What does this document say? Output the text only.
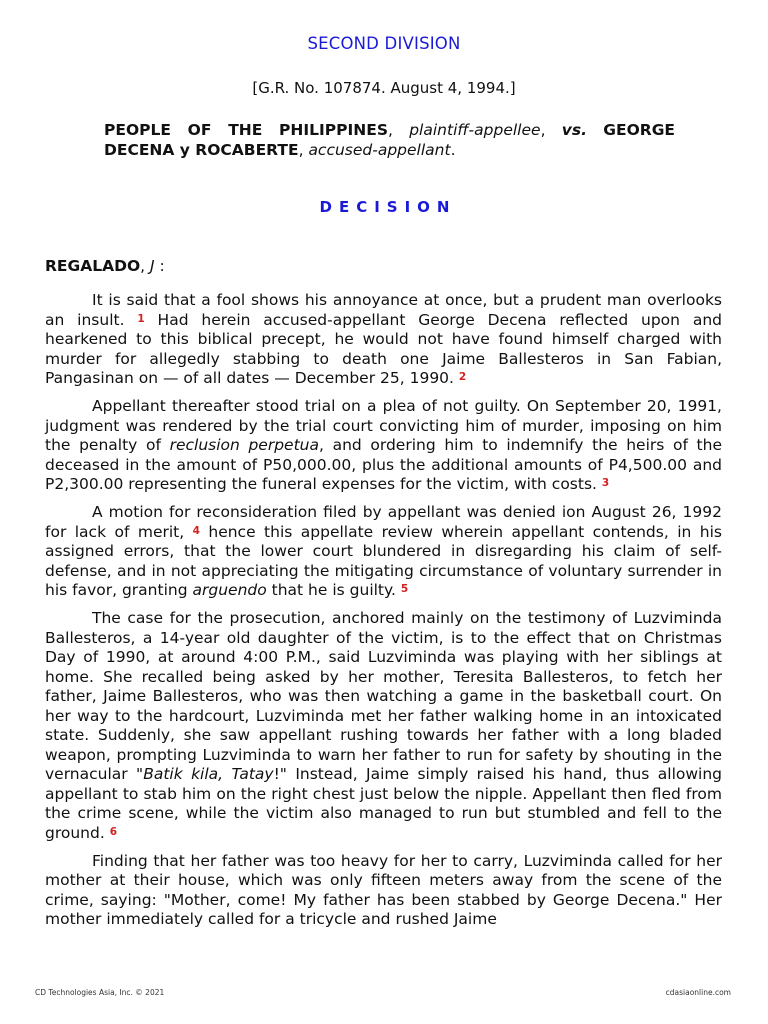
SECOND DIVISION
[G.R. No. 107874. August 4, 1994.]
PEOPLE OF THE PHILIPPINES, plaintiff-appellee, vs. GEORGE DECENA y ROCABERTE, accused-appellant.
DECISION
REGALADO, J :

It is said that a fool shows his annoyance at once, but a prudent man overlooks an insult. 1 Had herein accused-appellant George Decena reflected upon and hearkened to this biblical precept, he would not have found himself charged with murder for allegedly stabbing to death one Jaime Ballesteros in San Fabian, Pangasinan on — of all dates — December 25, 1990. 2

Appellant thereafter stood trial on a plea of not guilty. On September 20, 1991, judgment was rendered by the trial court convicting him of murder, imposing on him the penalty of reclusion perpetua, and ordering him to indemnify the heirs of the deceased in the amount of P50,000.00, plus the additional amounts of P4,500.00 and P2,300.00 representing the funeral expenses for the victim, with costs. 3

A motion for reconsideration filed by appellant was denied ion August 26, 1992 for lack of merit, 4 hence this appellate review wherein appellant contends, in his assigned errors, that the lower court blundered in disregarding his claim of self-defense, and in not appreciating the mitigating circumstance of voluntary surrender in his favor, granting arguendo that he is guilty. 5

The case for the prosecution, anchored mainly on the testimony of Luzviminda Ballesteros, a 14-year old daughter of the victim, is to the effect that on Christmas Day of 1990, at around 4:00 P.M., said Luzviminda was playing with her siblings at home. She recalled being asked by her mother, Teresita Ballesteros, to fetch her father, Jaime Ballesteros, who was then watching a game in the basketball court. On her way to the hardcourt, Luzviminda met her father walking home in an intoxicated state. Suddenly, she saw appellant rushing towards her father with a long bladed weapon, prompting Luzviminda to warn her father to run for safety by shouting in the vernacular "Batik kila, Tatay!" Instead, Jaime simply raised his hand, thus allowing appellant to stab him on the right chest just below the nipple. Appellant then fled from the crime scene, while the victim also managed to run but stumbled and fell to the ground. 6

Finding that her father was too heavy for her to carry, Luzviminda called for her mother at their house, which was only fifteen meters away from the scene of the crime, saying: "Mother, come! My father has been stabbed by George Decena." Her mother immediately called for a tricycle and rushed Jaime

CD Technologies Asia, Inc. © 2021	cdasiaonline.com
